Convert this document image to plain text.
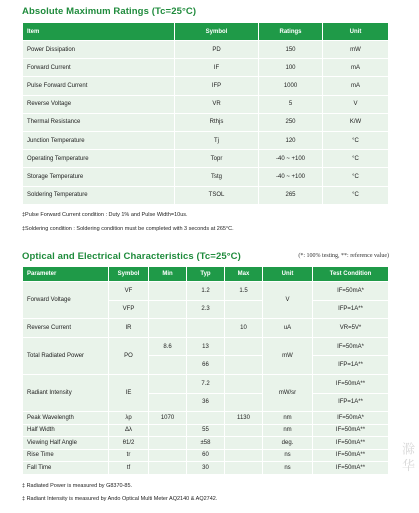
Absolute Maximum Ratings (Tc=25°C)
Item	Symbol	Ratings	Unit
Power Dissipation	PD	150	mW
Forward Current	IF	100	mA
Pulse Forward Current	IFP	1000	mA
Reverse Voltage	VR	5	V
Thermal Resistance	Rthjs	250	K/W
Junction Temperature	Tj	120	°C
Operating Temperature	Topr	-40 ~ +100	°C
Storage Temperature	Tstg	-40 ~ +100	°C
Soldering Temperature	TSOL	265	°C
‡Pulse Forward Current condition : Duty 1% and Pulse Width=10us.
‡Soldering condition : Soldering condition must be completed with 3 seconds at 265°C.
Optical and Electrical Characteristics (Tc=25°C)	(*: 100% testing, **: reference value)
Parameter	Symbol	Min	Typ	Max	Unit	Test Condition
Forward Voltage	VF		1.2	1.5	V	IF=50mA*
	VFP		2.3			IFP=1A**
Reverse Current	IR			10	uA	VR=5V*
Total Radiated Power	PO	8.6	13		mW	IF=50mA*
			66			IFP=1A**
Radiant Intensity	IE		7.2		mW/sr	IF=50mA**
			36			IFP=1A**
Peak Wavelength	λp	1070		1130	nm	IF=50mA*
Half Width	Δλ		55		nm	IF=50mA**
Viewing Half Angle	θ1/2		±58		deg.	IF=50mA**
Rise Time	tr		60		ns	IF=50mA**
Fall Time	tf		30		ns	IF=50mA**
‡ Radiated Power is measured by G8370-85.
‡ Radiant Intensity is measured by Ando Optical Multi Meter AQ2140 & AQ2742.
滁 华
